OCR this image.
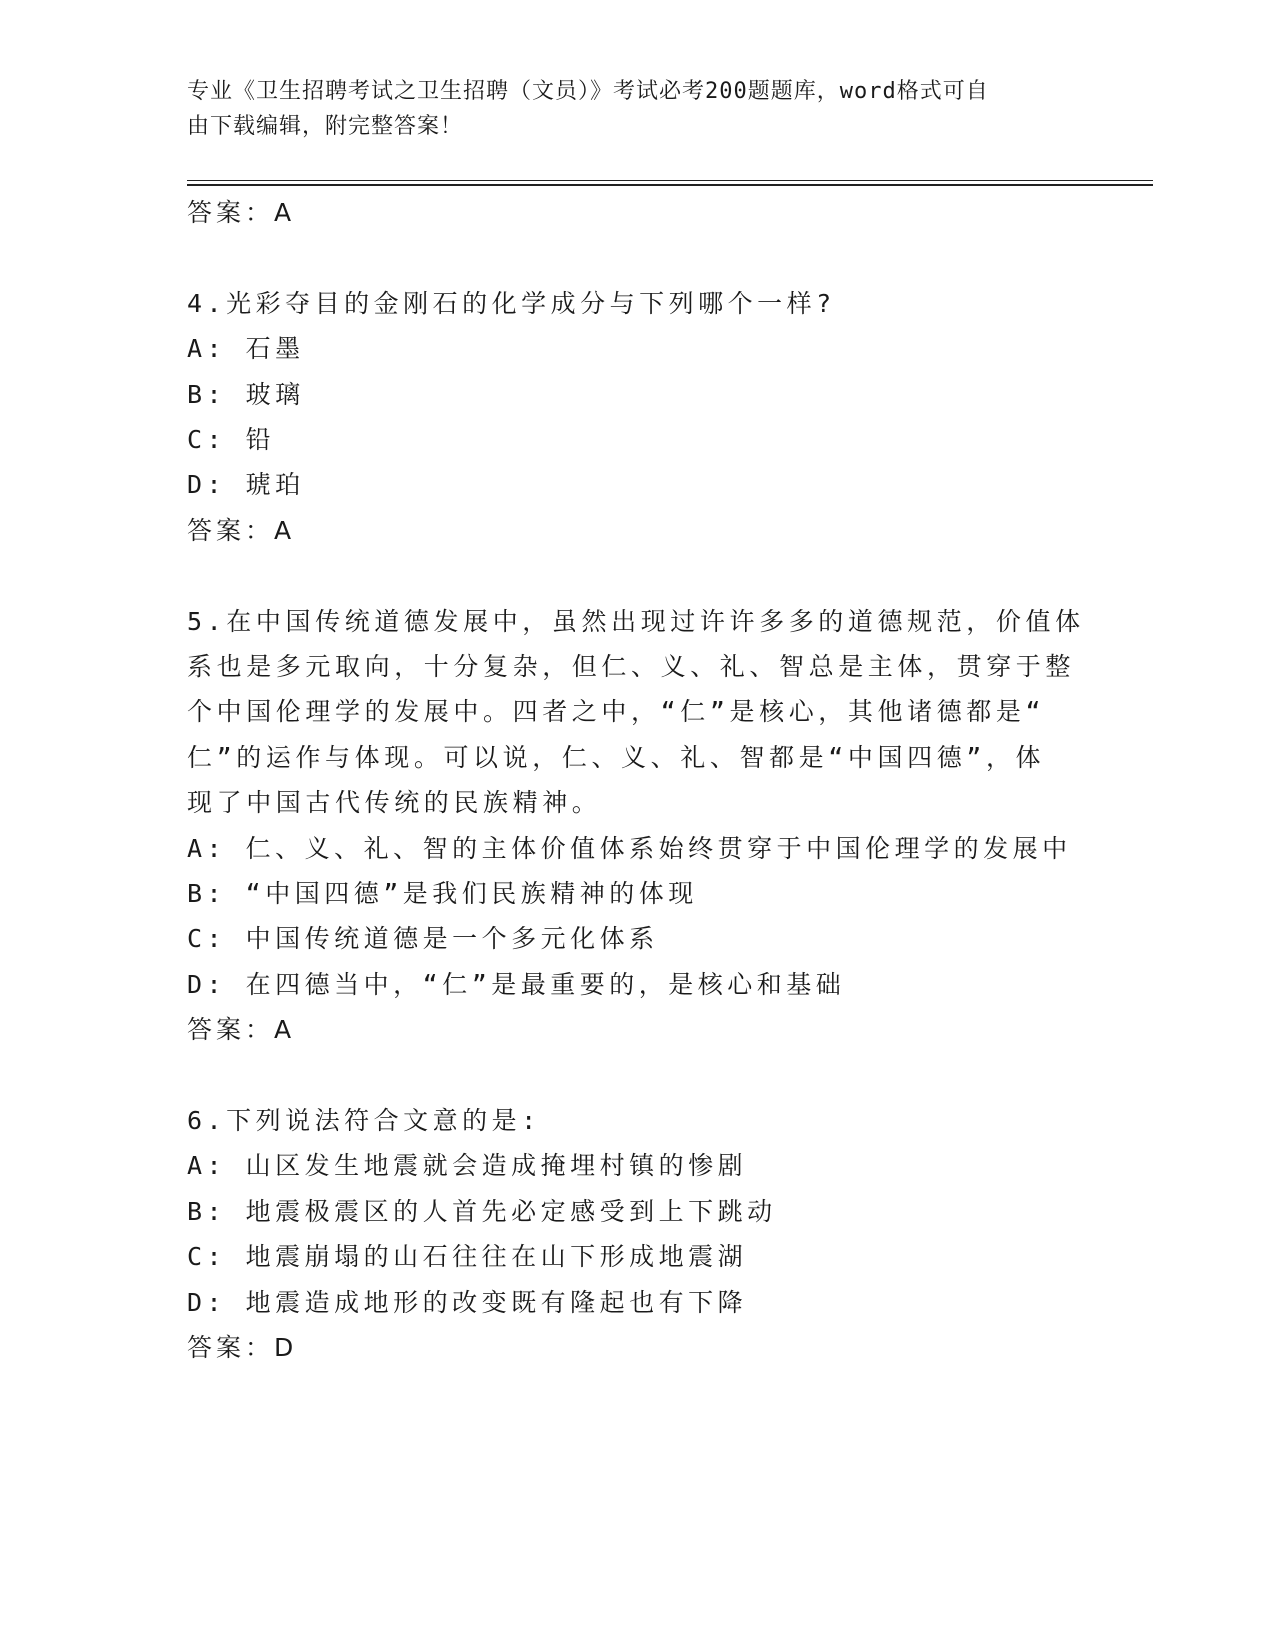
专业《卫生招聘考试之卫生招聘（文员）》考试必考200题题库，word格式可自
由下载编辑，附完整答案！
答案：A
4.光彩夺目的金刚石的化学成分与下列哪个一样?
A: 石墨
B: 玻璃
C: 铅
D: 琥珀
答案：A
5.在中国传统道德发展中，虽然出现过许许多多的道德规范，价值体
系也是多元取向，十分复杂，但仁、义、礼、智总是主体，贯穿于整
个中国伦理学的发展中。四者之中，“仁”是核心，其他诸德都是“
仁”的运作与体现。可以说，仁、义、礼、智都是“中国四德”，体
现了中国古代传统的民族精神。
A: 仁、义、礼、智的主体价值体系始终贯穿于中国伦理学的发展中
B: “中国四德”是我们民族精神的体现
C: 中国传统道德是一个多元化体系
D: 在四德当中，“仁”是最重要的，是核心和基础
答案：A
6.下列说法符合文意的是:
A: 山区发生地震就会造成掩埋村镇的惨剧
B: 地震极震区的人首先必定感受到上下跳动
C: 地震崩塌的山石往往在山下形成地震湖
D: 地震造成地形的改变既有隆起也有下降
答案：D
